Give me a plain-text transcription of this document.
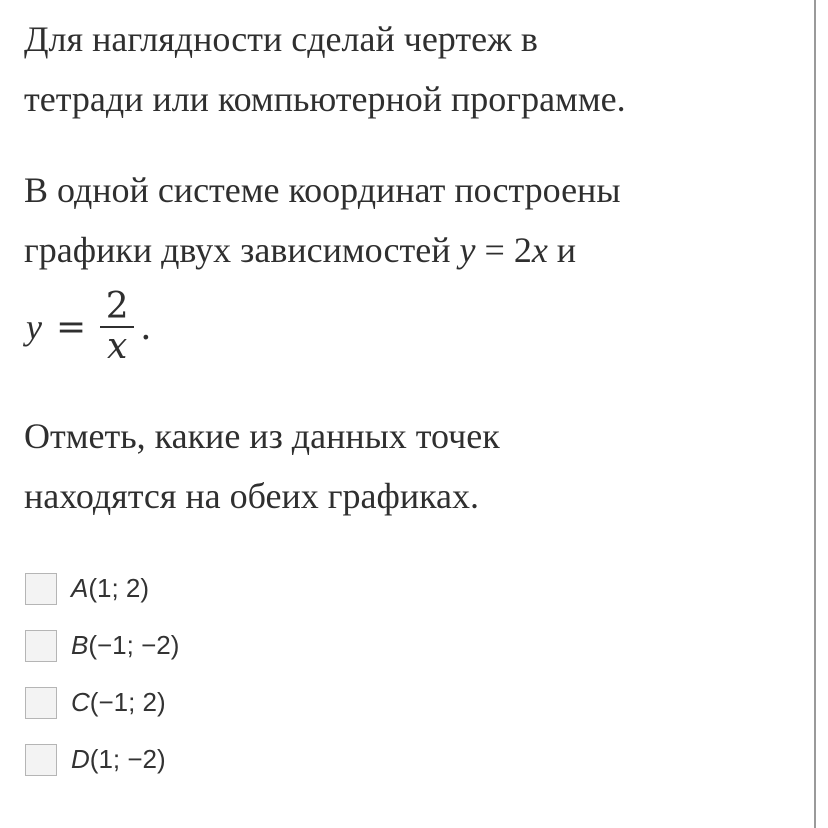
Для наглядности сделай чертеж в
тетради или компьютерной программе.

В одной системе координат построены
графики двух зависимостей y = 2x и

$y = \frac{2}{x}$ .

Отметь, какие из данных точек
находятся на обеих графиках.

A(1; 2)
B(−1; −2)
C(−1; 2)
D(1; −2)
